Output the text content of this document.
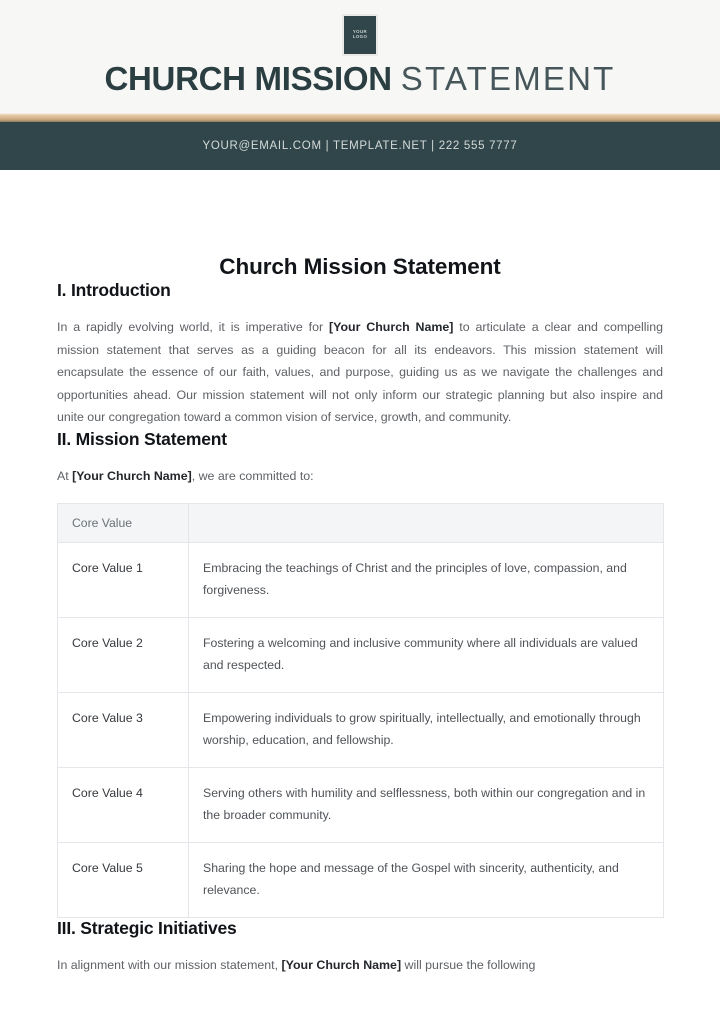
YOUR
LOGO
CHURCH MISSION STATEMENT
YOUR@EMAIL.COM | TEMPLATE.NET | 222 555 7777
Church Mission Statement
I. Introduction

In a rapidly evolving world, it is imperative for [Your Church Name] to articulate a clear and compelling mission statement that serves as a guiding beacon for all its endeavors. This mission statement will encapsulate the essence of our faith, values, and purpose, guiding us as we navigate the challenges and opportunities ahead. Our mission statement will not only inform our strategic planning but also inspire and unite our congregation toward a common vision of service, growth, and community.

II. Mission Statement

At [Your Church Name], we are committed to:

Core Value	
Core Value 1	Embracing the teachings of Christ and the principles of love, compassion, and forgiveness.
Core Value 2	Fostering a welcoming and inclusive community where all individuals are valued and respected.
Core Value 3	Empowering individuals to grow spiritually, intellectually, and emotionally through worship, education, and fellowship.
Core Value 4	Serving others with humility and selflessness, both within our congregation and in the broader community.
Core Value 5	Sharing the hope and message of the Gospel with sincerity, authenticity, and relevance.
III. Strategic Initiatives

In alignment with our mission statement, [Your Church Name] will pursue the following
